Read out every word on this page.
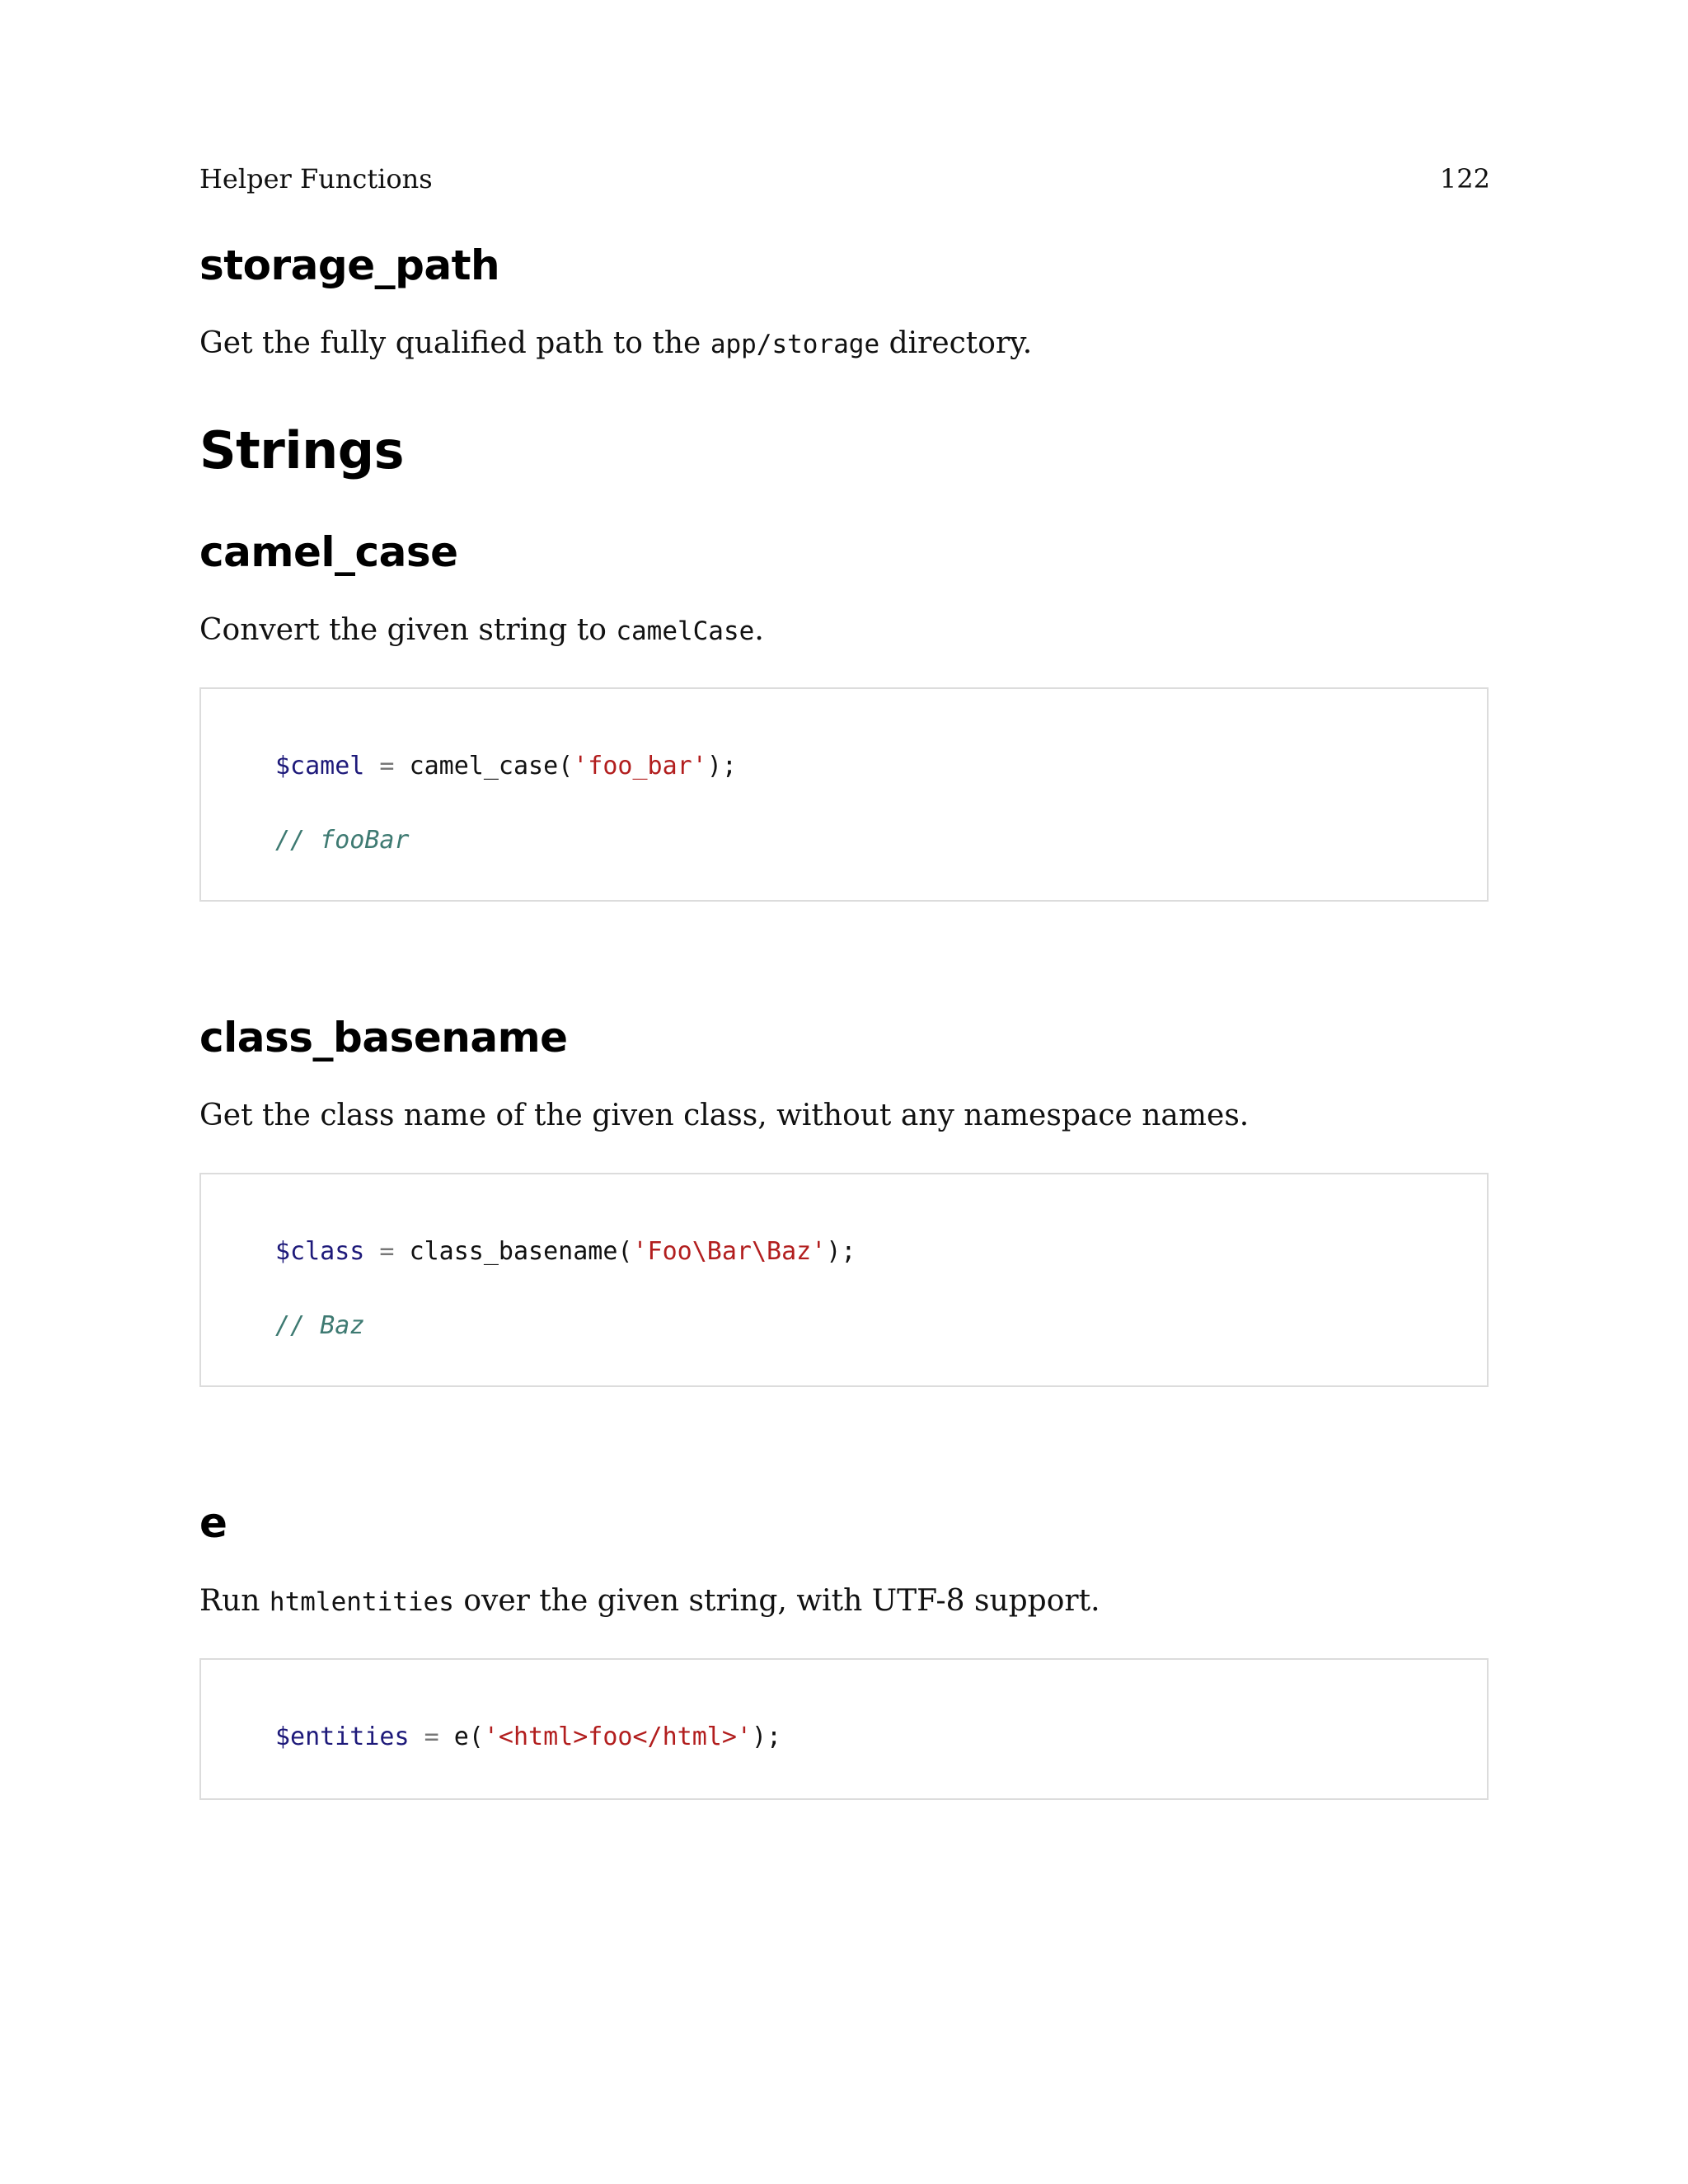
Helper Functions	122
storage_path

Get the fully qualified path to the app/storage directory.

Strings
camel_case

Convert the given string to camelCase.

$camel = camel_case('foo_bar');
// fooBar
class_basename

Get the class name of the given class, without any namespace names.

$class = class_basename('Foo\Bar\Baz');
// Baz
e

Run htmlentities over the given string, with UTF-8 support.

$entities = e('<html>foo</html>');
